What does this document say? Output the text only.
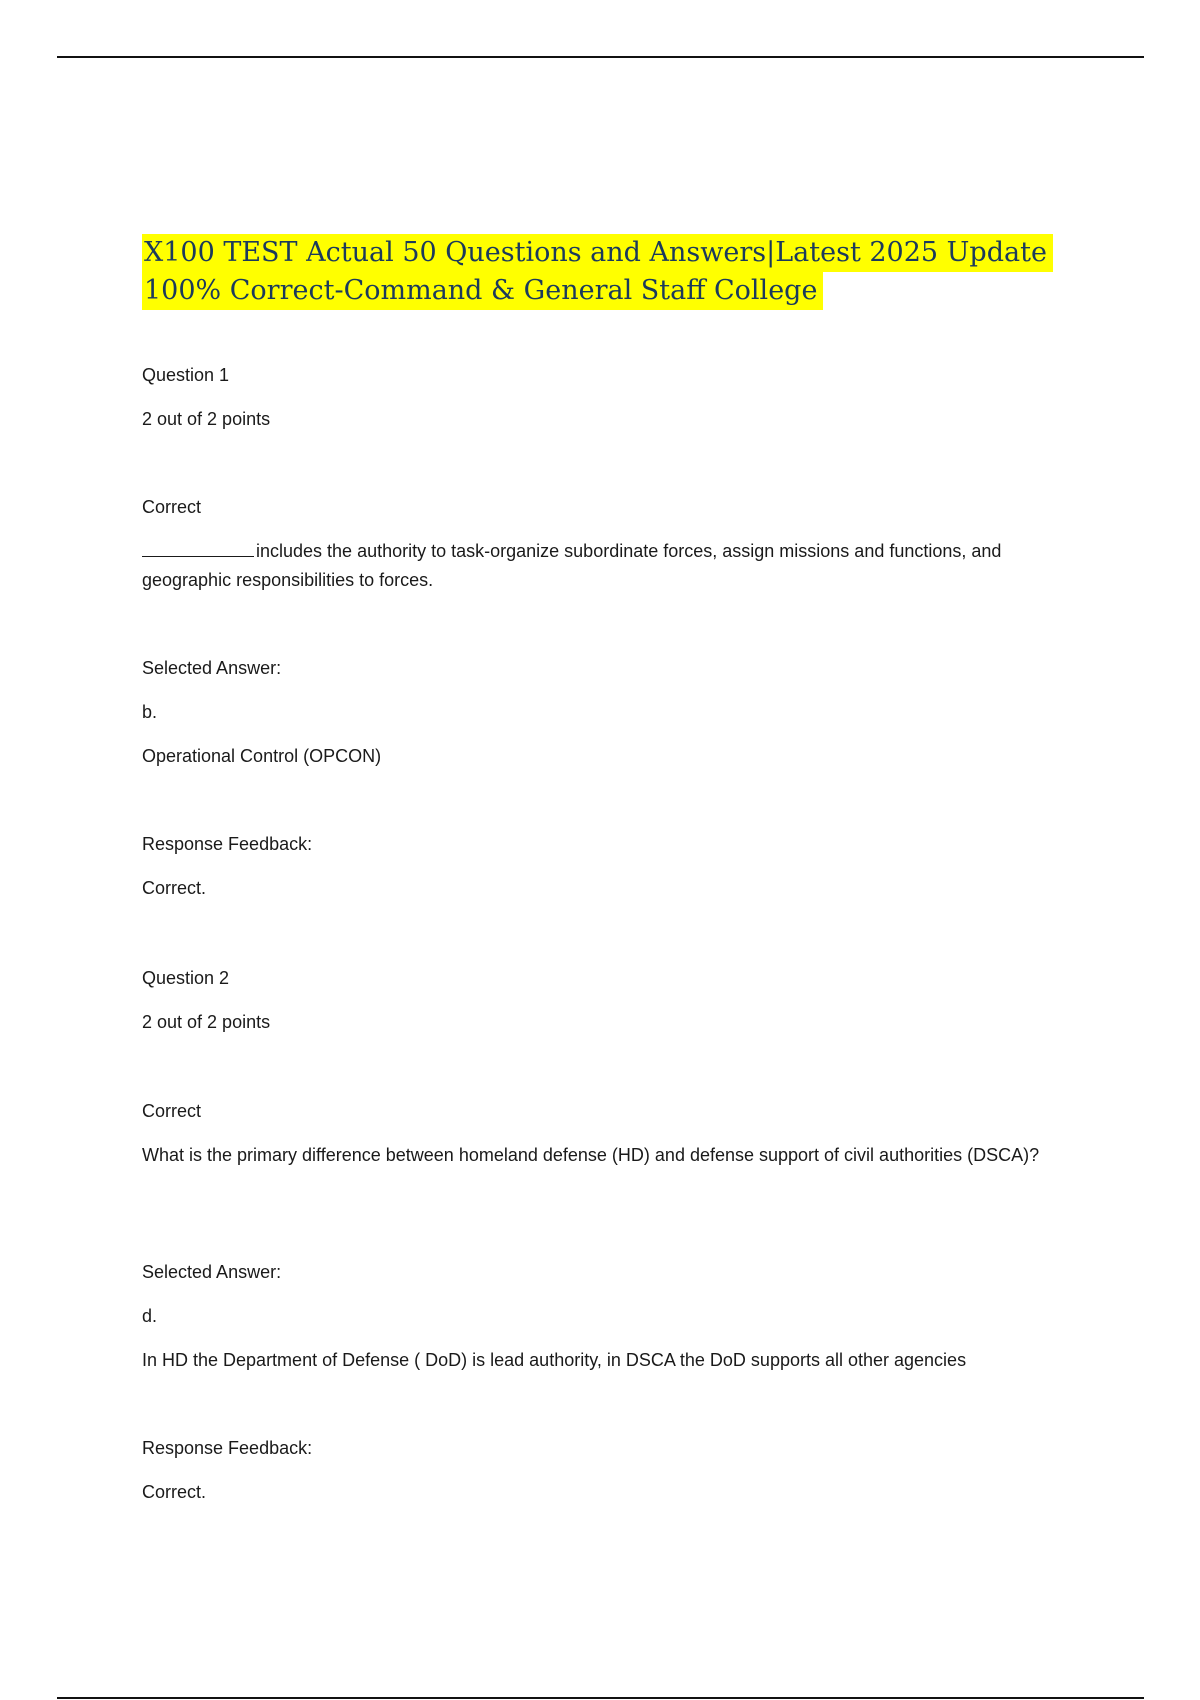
X100 TEST Actual 50 Questions and Answers|Latest 2025 Update
100% Correct-Command & General Staff College
Question 1
2 out of 2 points
Correct
includes the authority to task-organize subordinate forces, assign missions and functions, and geographic responsibilities to forces.
Selected Answer:
b.
Operational Control (OPCON)
Response Feedback:
Correct.
Question 2
2 out of 2 points
Correct
What is the primary difference between homeland defense (HD) and defense support of civil authorities (DSCA)?
Selected Answer:
d.
In HD the Department of Defense ( DoD) is lead authority, in DSCA the DoD supports all other agencies
Response Feedback:
Correct.
